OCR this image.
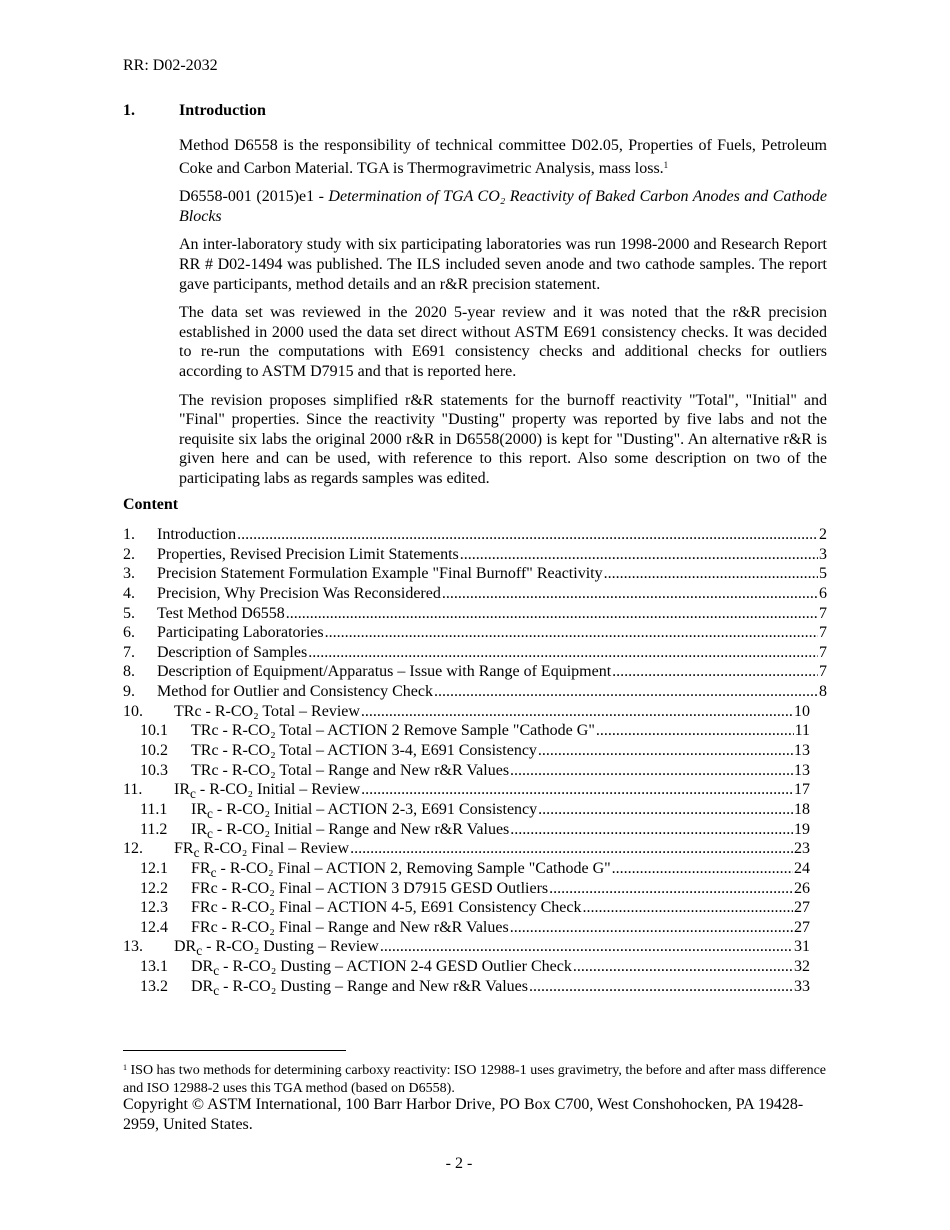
RR: D02-2032
1.	Introduction

Method D6558 is the responsibility of technical committee D02.05, Properties of Fuels, Petroleum Coke and Carbon Material. TGA is Thermogravimetric Analysis, mass loss.$^1$

D6558-001 (2015)e1 - Determination of TGA CO₂ Reactivity of Baked Carbon Anodes and Cathode Blocks

An inter-laboratory study with six participating laboratories was run 1998-2000 and Research Report RR # D02-1494 was published. The ILS included seven anode and two cathode samples. The report gave participants, method details and an r&R precision statement.

The data set was reviewed in the 2020 5-year review and it was noted that the r&R precision established in 2000 used the data set direct without ASTM E691 consistency checks. It was decided to re-run the computations with E691 consistency checks and additional checks for outliers according to ASTM D7915 and that is reported here.

The revision proposes simplified r&R statements for the burnoff reactivity "Total", "Initial" and "Final" properties. Since the reactivity "Dusting" property was reported by five labs and not the requisite six labs the original 2000 r&R in D6558(2000) is kept for "Dusting". An alternative r&R is given here and can be used, with reference to this report. Also some description on two of the participating labs as regards samples was edited.

Content
1.	Introduction .....	2
2.	Properties, Revised Precision Limit Statements .....	3
3.	Precision Statement Formulation Example "Final Burnoff" Reactivity .....	5
4.	Precision, Why Precision Was Reconsidered .....	6
5.	Test Method D6558 .....	7
6.	Participating Laboratories .....	7
7.	Description of Samples .....	7
8.	Description of Equipment/Apparatus – Issue with Range of Equipment .....	7
9.	Method for Outlier and Consistency Check .....	8
10.	TRc - R-CO₂ Total – Review .....	10
10.1	TRc - R-CO₂ Total – ACTION 2 Remove Sample "Cathode G" .....	11
10.2	TRc - R-CO₂ Total – ACTION 3-4, E691 Consistency .....	13
10.3	TRc - R-CO₂ Total – Range and New r&R Values .....	13
11.	$IR_c - R-CO_2$ Initial – Review .....	17
11.1	$IR_c - R-CO_2$ Initial – ACTION 2-3, E691 Consistency .....	18
11.2	$IR_c - R-CO_2$ Initial – Range and New r&R Values .....	19
12.	$FR_c$ R-CO₂ Final – Review .....	23
12.1	$FR_c - R-CO_2$ Final – ACTION 2, Removing Sample "Cathode G" .....	24
12.2	FRc - R-CO₂ Final – ACTION 3 D7915 GESD Outliers .....	26
12.3	FRc - R-CO₂ Final – ACTION 4-5, E691 Consistency Check .....	27
12.4	FRc - R-CO₂ Final – Range and New r&R Values .....	27
13.	$DR_c - R-CO_2$ Dusting – Review .....	31
13.1	$DR_c - R-CO_2$ Dusting – ACTION 2-4 GESD Outlier Check .....	32
13.2	$DR_c - R-CO_2$ Dusting – Range and New r&R Values .....	33
$^1$ ISO has two methods for determining carboxy reactivity: ISO 12988-1 uses gravimetry, the before and after mass difference and ISO 12988-2 uses this TGA method (based on D6558).
Copyright © ASTM International, 100 Barr Harbor Drive, PO Box C700, West Conshohocken, PA 19428-2959, United States.
- 2 -
